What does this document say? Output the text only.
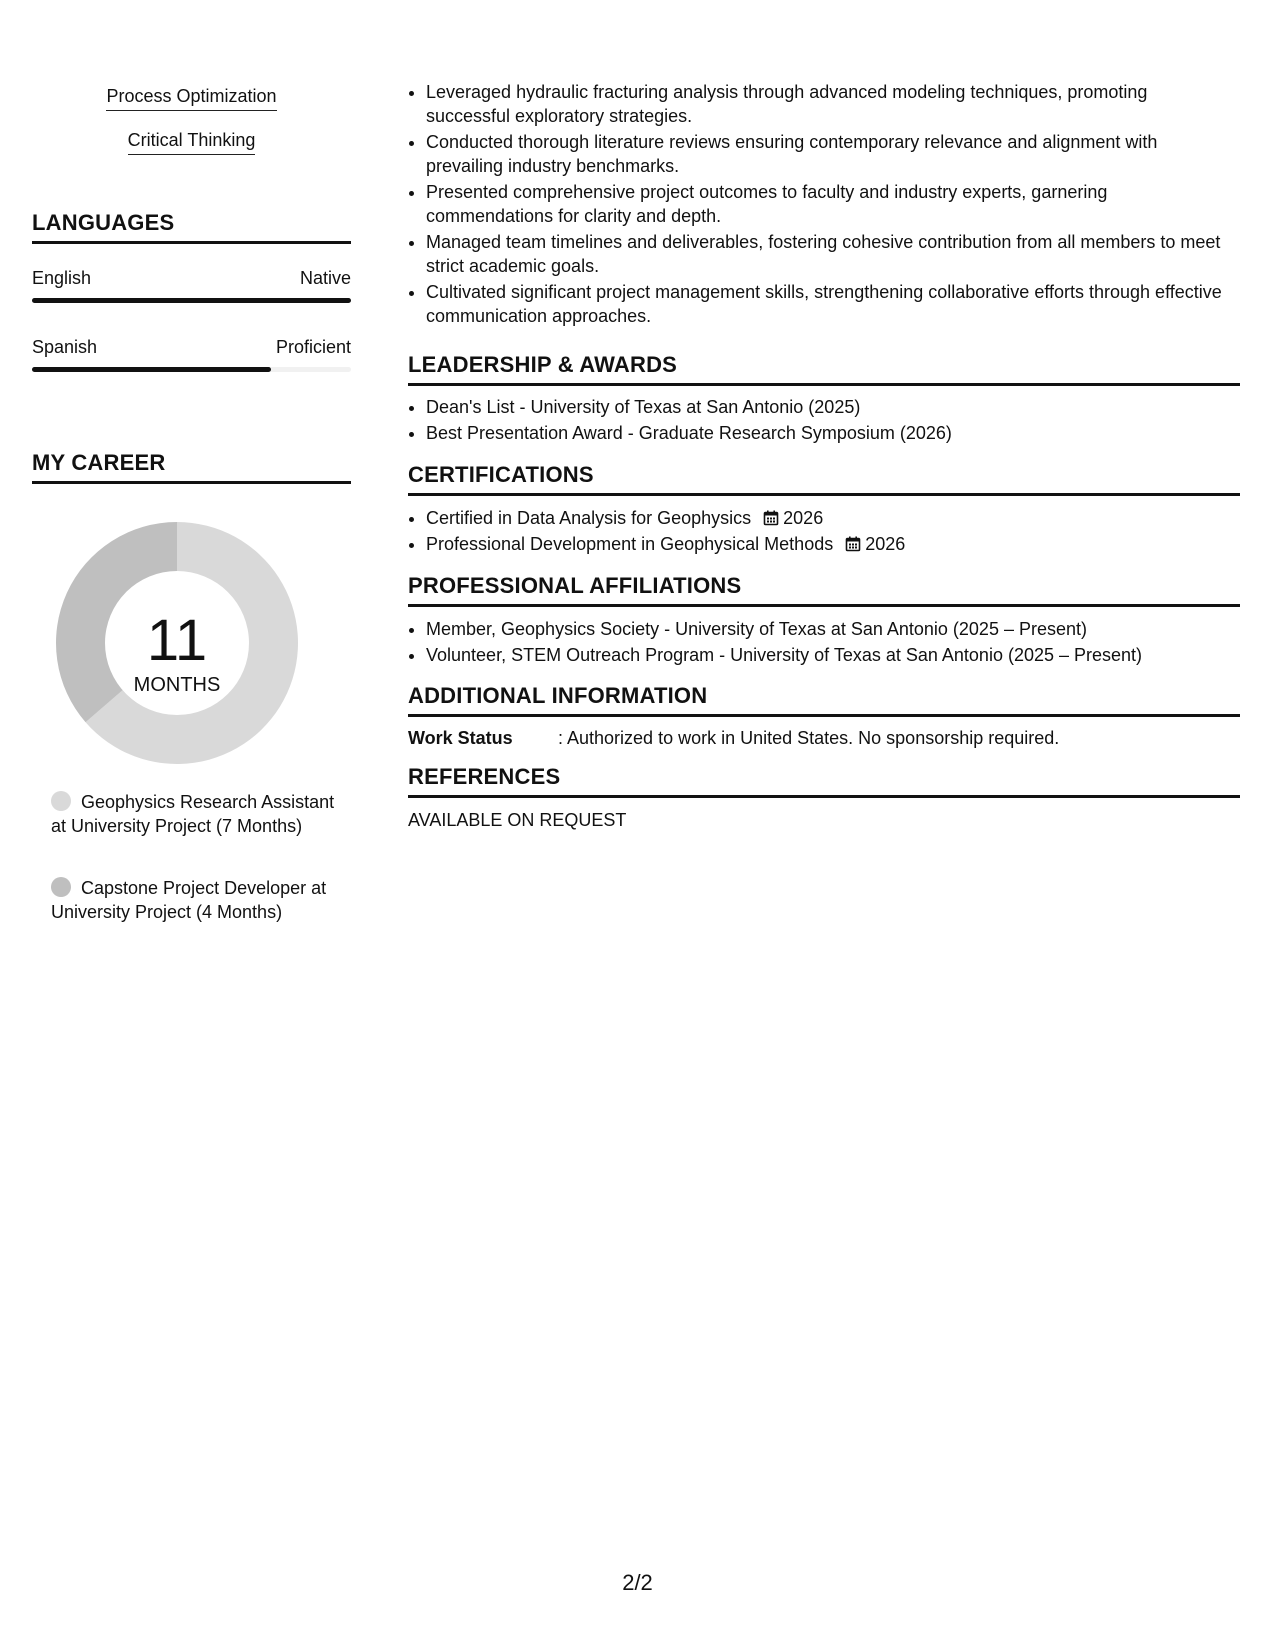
Process Optimization
Critical Thinking
LANGUAGES
English	Native
Spanish	Proficient
MY CAREER
11
MONTHS
Geophysics Research Assistant at University Project (7 Months)
Capstone Project Developer at University Project (4 Months)
• Leveraged hydraulic fracturing analysis through advanced modeling techniques, promoting successful exploratory strategies.
• Conducted thorough literature reviews ensuring contemporary relevance and alignment with prevailing industry benchmarks.
• Presented comprehensive project outcomes to faculty and industry experts, garnering commendations for clarity and depth.
• Managed team timelines and deliverables, fostering cohesive contribution from all members to meet strict academic goals.
• Cultivated significant project management skills, strengthening collaborative efforts through effective communication approaches.
LEADERSHIP & AWARDS
• Dean's List - University of Texas at San Antonio (2025)
• Best Presentation Award - Graduate Research Symposium (2026)
CERTIFICATIONS
• Certified in Data Analysis for Geophysics 2026
• Professional Development in Geophysical Methods 2026
PROFESSIONAL AFFILIATIONS
• Member, Geophysics Society - University of Texas at San Antonio (2025 – Present)
• Volunteer, STEM Outreach Program - University of Texas at San Antonio (2025 – Present)
ADDITIONAL INFORMATION
Work Status	: Authorized to work in United States. No sponsorship required.
REFERENCES
AVAILABLE ON REQUEST
2/2
